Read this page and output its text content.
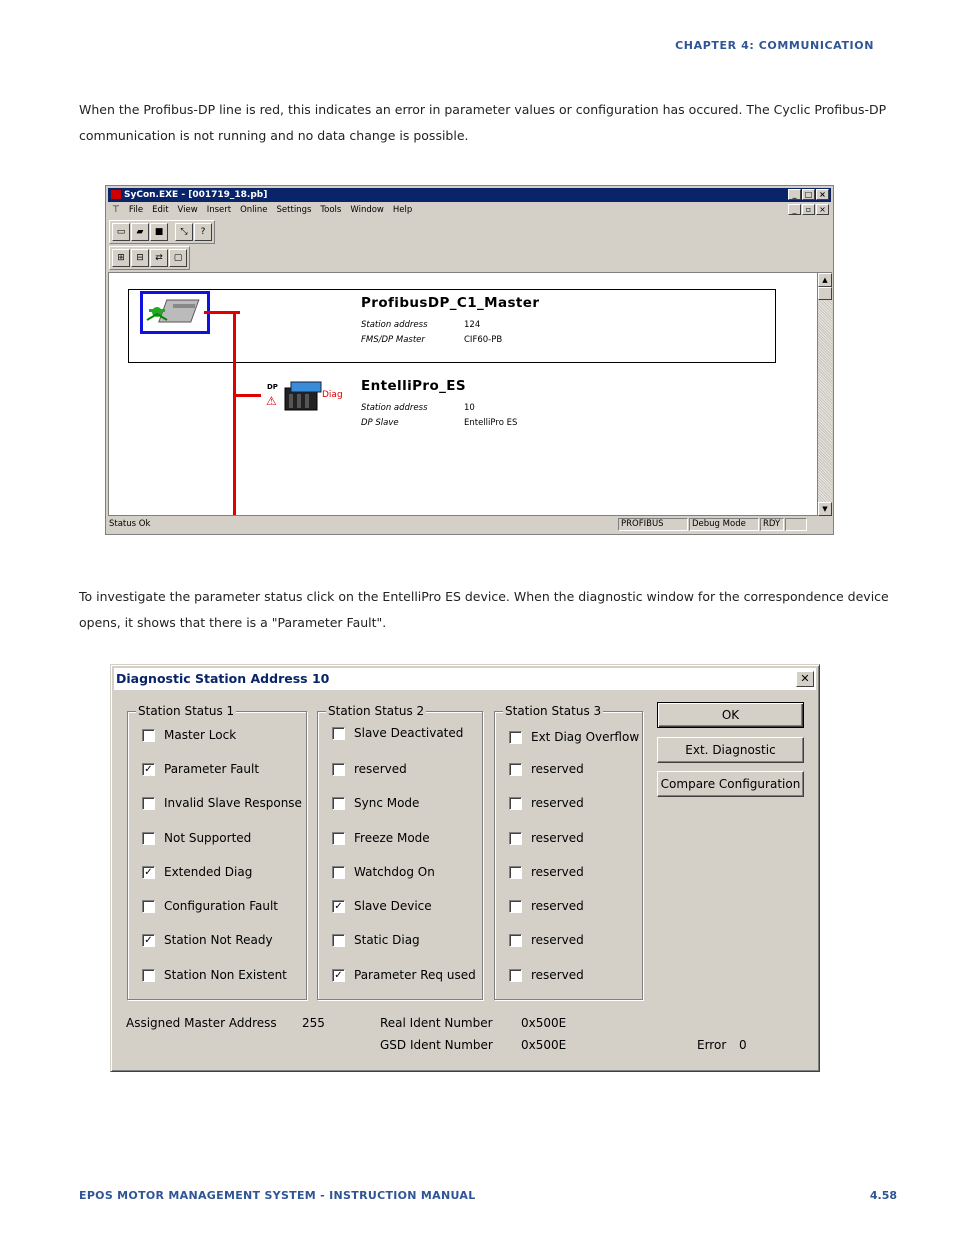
CHAPTER 4: COMMUNICATION

When the Profibus-DP line is red, this indicates an error in parameter values or configuration has occured. The Cyclic Profibus-DP communication is not running and no data change is possible.

SyCon.EXE - [001719_18.pb]	_	□ ×
⊤ File Edit View Insert Online Settings Tools Window Help	_	▫ ×
▭	▰	■	⤡	?
⊞	⊟	⇄	▢
ProfibusDP_C1_Master
Station address	124
FMS/DP Master	CIF60-PB
DP
⚠	Diag
EntelliPro_ES
Station address	10
DP Slave	EntelliPro ES
▲
▼
Status Ok	PROFIBUS	Debug Mode	RDY

To investigate the parameter status click on the EntelliPro ES device. When the diagnostic window for the correspondence device opens, it shows that there is a "Parameter Fault".

Diagnostic Station Address 10	✕
Station Status 1
Master Lock
✓ Parameter Fault
Invalid Slave Response
Not Supported
✓ Extended Diag
Configuration Fault
✓ Station Not Ready
Station Non Existent
Station Status 2
Slave Deactivated
reserved
Sync Mode
Freeze Mode
Watchdog On
✓ Slave Device
Static Diag
✓ Parameter Req used
Station Status 3
Ext Diag Overflow
reserved
reserved
reserved
reserved
reserved
reserved
reserved
OK
Ext. Diagnostic
Compare Configuration
Assigned Master Address 255	Real Ident Number 0x500E
GSD Ident Number 0x500E	Error 0
EPOS MOTOR MANAGEMENT SYSTEM - INSTRUCTION MANUAL	4.58
